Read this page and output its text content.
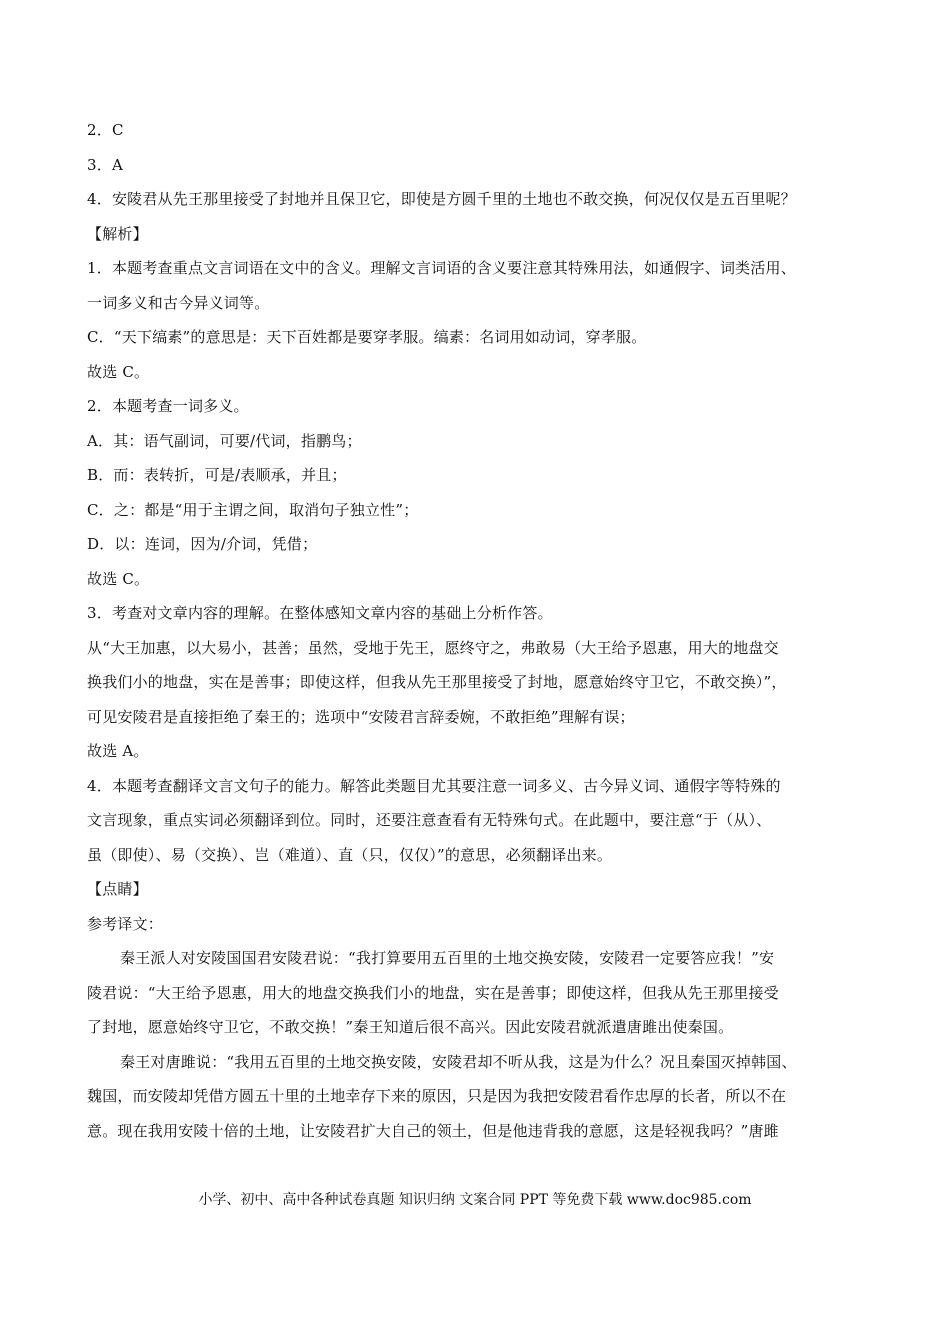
2．C
3．A
4．安陵君从先王那里接受了封地并且保卫它，即使是方圆千里的土地也不敢交换，何况仅仅是五百里呢？
【解析】
1．本题考查重点文言词语在文中的含义。理解文言词语的含义要注意其特殊用法，如通假字、词类活用、
一词多义和古今异义词等。
C．“天下缟素”的意思是：天下百姓都是要穿孝服。缟素：名词用如动词，穿孝服。
故选 C。
2．本题考查一词多义。
A．其：语气副词，可要/代词，指鹏鸟；
B．而：表转折，可是/表顺承，并且；
C．之：都是“用于主谓之间，取消句子独立性”；
D．以：连词，因为/介词，凭借；
故选 C。
3．考查对文章内容的理解。在整体感知文章内容的基础上分析作答。
从“大王加惠，以大易小，甚善；虽然，受地于先王，愿终守之，弗敢易（大王给予恩惠，用大的地盘交
换我们小的地盘，实在是善事；即使这样，但我从先王那里接受了封地，愿意始终守卫它，不敢交换）”，
可见安陵君是直接拒绝了秦王的；选项中“安陵君言辞委婉，不敢拒绝”理解有误；
故选 A。
4．本题考查翻译文言文句子的能力。解答此类题目尤其要注意一词多义、古今异义词、通假字等特殊的
文言现象，重点实词必须翻译到位。同时，还要注意查看有无特殊句式。在此题中，要注意“于（从）、
虽（即使）、易（交换）、岂（难道）、直（只，仅仅）”的意思，必须翻译出来。
【点睛】
参考译文：
秦王派人对安陵国国君安陵君说：“我打算要用五百里的土地交换安陵，安陵君一定要答应我！”安
陵君说：“大王给予恩惠，用大的地盘交换我们小的地盘，实在是善事；即使这样，但我从先王那里接受
了封地，愿意始终守卫它，不敢交换！”秦王知道后很不高兴。因此安陵君就派遣唐雎出使秦国。
秦王对唐雎说：“我用五百里的土地交换安陵，安陵君却不听从我，这是为什么？况且秦国灭掉韩国、
魏国，而安陵却凭借方圆五十里的土地幸存下来的原因，只是因为我把安陵君看作忠厚的长者，所以不在
意。现在我用安陵十倍的土地，让安陵君扩大自己的领土，但是他违背我的意愿，这是轻视我吗？”唐雎
小学、初中、高中各种试卷真题 知识归纳 文案合同 PPT 等免费下载 www.doc985.com
